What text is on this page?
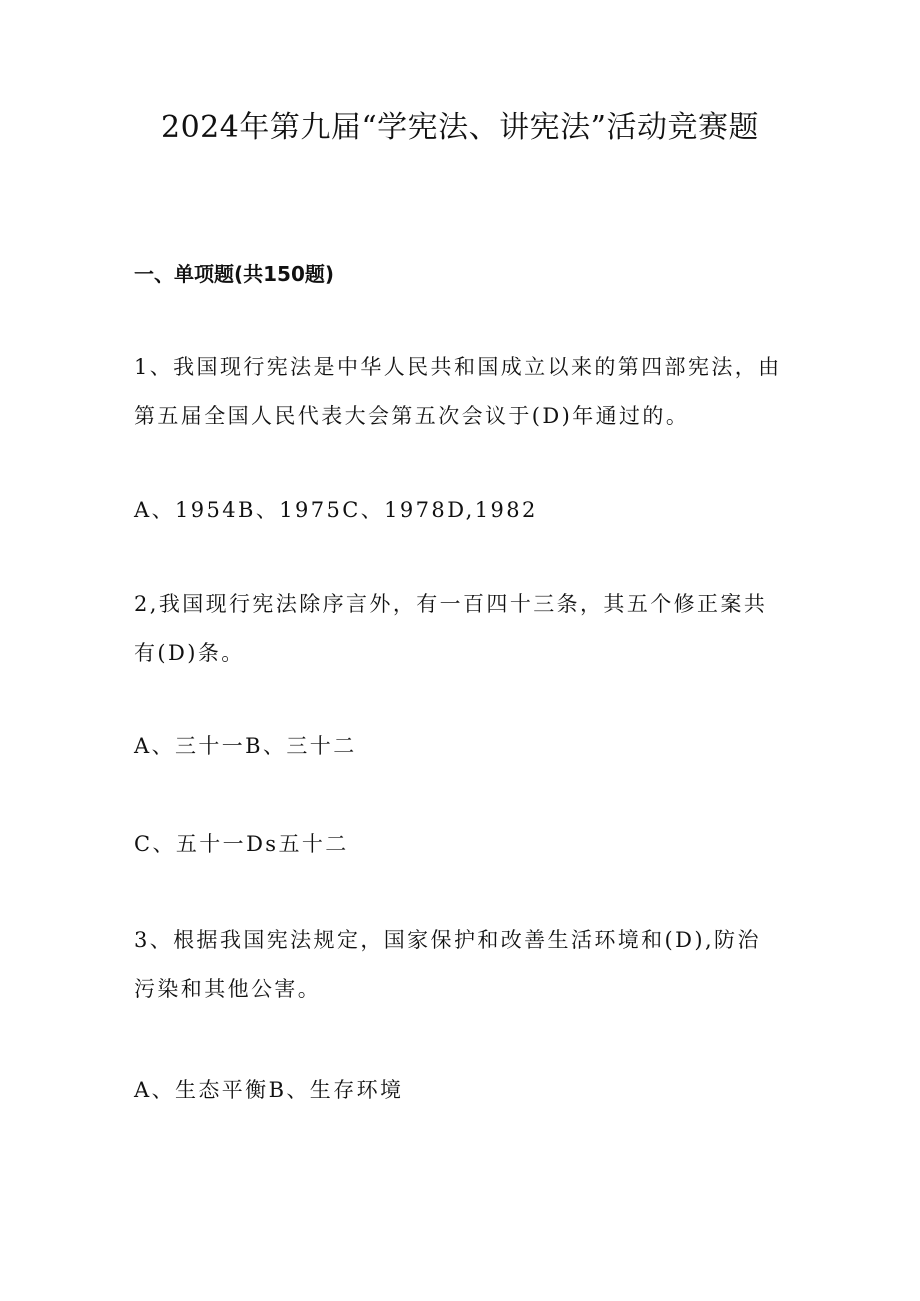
2024年第九届“学宪法、讲宪法”活动竞赛题
一、单项题(共150题)

1、我国现行宪法是中华人民共和国成立以来的第四部宪法，由第五届全国人民代表大会第五次会议于(D)年通过的。

A、1954B、1975C、1978D,1982

2,我国现行宪法除序言外，有一百四十三条，其五个修正案共有(D)条。

A、三十一B、三十二

C、五十一Ds五十二

3、根据我国宪法规定，国家保护和改善生活环境和(D),防治污染和其他公害。

A、生态平衡B、生存环境
